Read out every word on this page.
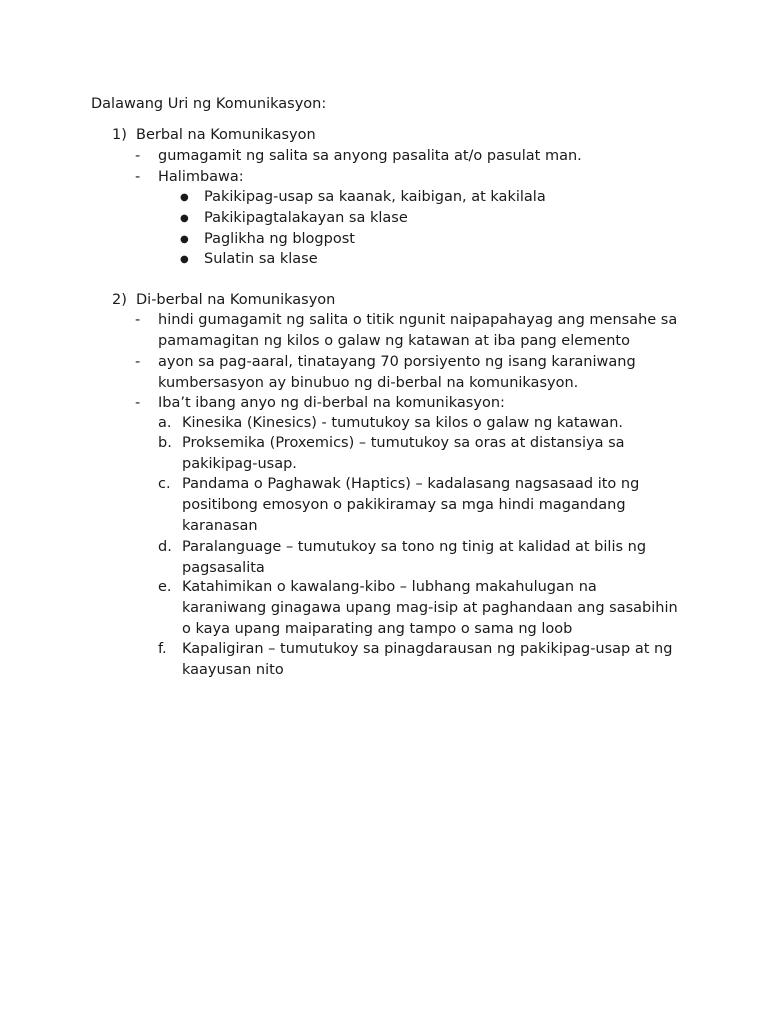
Dalawang Uri ng Komunikasyon:
1) Berbal na Komunikasyon
- gumagamit ng salita sa anyong pasalita at/o pasulat man.
- Halimbawa:
● Pakikipag-usap sa kaanak, kaibigan, at kakilala
● Pakikipagtalakayan sa klase
● Paglikha ng blogpost
● Sulatin sa klase
2) Di-berbal na Komunikasyon
- hindi gumagamit ng salita o titik ngunit naipapahayag ang mensahe sa pamamagitan ng kilos o galaw ng katawan at iba pang elemento
- ayon sa pag-aaral, tinatayang 70 porsiyento ng isang karaniwang kumbersasyon ay binubuo ng di-berbal na komunikasyon.
- Iba’t ibang anyo ng di-berbal na komunikasyon:
a. Kinesika (Kinesics) - tumutukoy sa kilos o galaw ng katawan.
b. Proksemika (Proxemics) – tumutukoy sa oras at distansiya sa pakikipag-usap.
c. Pandama o Paghawak (Haptics) – kadalasang nagsasaad ito ng positibong emosyon o pakikiramay sa mga hindi magandang karanasan
d. Paralanguage – tumutukoy sa tono ng tinig at kalidad at bilis ng pagsasalita
e. Katahimikan o kawalang-kibo – lubhang makahulugan na karaniwang ginagawa upang mag-isip at paghandaan ang sasabihin o kaya upang maiparating ang tampo o sama ng loob
f. Kapaligiran – tumutukoy sa pinagdarausan ng pakikipag-usap at ng kaayusan nito
